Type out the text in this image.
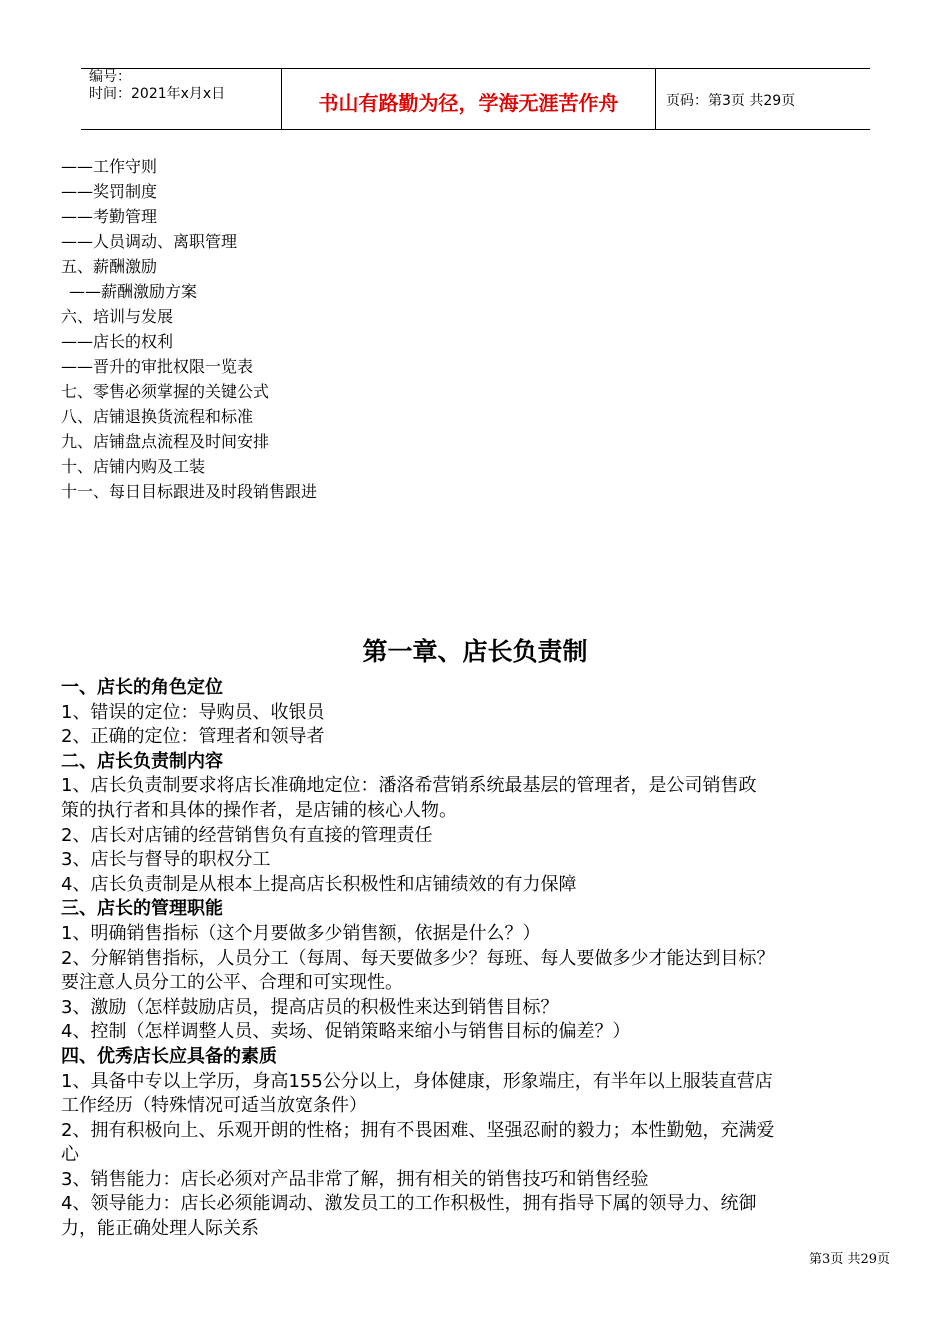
编号：
时间：2021年x月x日	书山有路勤为径，学海无涯苦作舟	页码：第3页 共29页
——工作守则
——奖罚制度
——考勤管理
——人员调动、离职管理
五、薪酬激励
——薪酬激励方案
六、培训与发展
——店长的权利
——晋升的审批权限一览表
七、零售必须掌握的关键公式
八、店铺退换货流程和标准
九、店铺盘点流程及时间安排
十、店铺内购及工装
十一、每日目标跟进及时段销售跟进
第一章、店长负责制
一、店长的角色定位
1、错误的定位：导购员、收银员
2、正确的定位：管理者和领导者
二、店长负责制内容
1、店长负责制要求将店长准确地定位：潘洛希营销系统最基层的管理者，是公司销售政
策的执行者和具体的操作者，是店铺的核心人物。
2、店长对店铺的经营销售负有直接的管理责任
3、店长与督导的职权分工
4、店长负责制是从根本上提高店长积极性和店铺绩效的有力保障
三、店长的管理职能
1、明确销售指标（这个月要做多少销售额，依据是什么？）
2、分解销售指标，人员分工（每周、每天要做多少？每班、每人要做多少才能达到目标？
要注意人员分工的公平、合理和可实现性。
3、激励（怎样鼓励店员，提高店员的积极性来达到销售目标？
4、控制（怎样调整人员、卖场、促销策略来缩小与销售目标的偏差？）
四、优秀店长应具备的素质
1、具备中专以上学历，身高155公分以上，身体健康，形象端庄，有半年以上服装直营店
工作经历（特殊情况可适当放宽条件）
2、拥有积极向上、乐观开朗的性格；拥有不畏困难、坚强忍耐的毅力；本性勤勉，充满爱
心
3、销售能力：店长必须对产品非常了解，拥有相关的销售技巧和销售经验
4、领导能力：店长必须能调动、激发员工的工作积极性，拥有指导下属的领导力、统御
力，能正确处理人际关系
第3页 共29页
